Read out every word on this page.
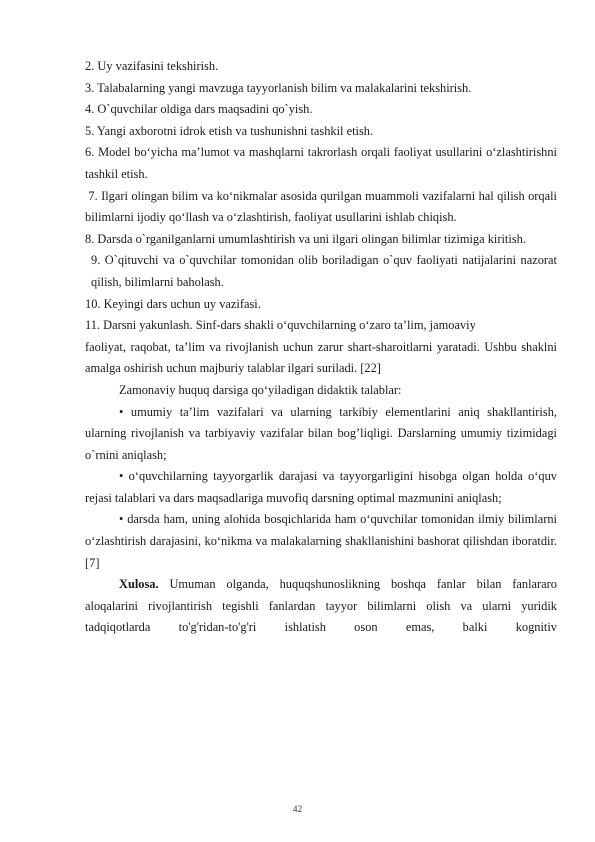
2. Uy vazifasini tekshirish.

3. Talabalarning yangi mavzuga tayyorlanish bilim va malakalarini tekshirish.

4. O`quvchilar oldiga dars maqsadini qo`yish.

5. Yangi axborotni idrok etish va tushunishni tashkil etish.

6. Model bo‘yicha ma’lumot va mashqlarni takrorlash orqali faoliyat usullarini o‘zlashtirishni tashkil etish.

7. Ilgari olingan bilim va ko‘nikmalar asosida qurilgan muammoli vazifalarni hal qilish orqali bilimlarni ijodiy qo‘llash va o‘zlashtirish, faoliyat usullarini ishlab chiqish.

8. Darsda o`rganilganlarni umumlashtirish va uni ilgari olingan bilimlar tizimiga kiritish.

9. O`qituvchi va o`quvchilar tomonidan olib boriladigan o`quv faoliyati natijalarini nazorat qilish, bilimlarni baholash.

10. Keyingi dars uchun uy vazifasi.

11. Darsni yakunlash. Sinf-dars shakli o‘quvchilarning o‘zaro ta’lim, jamoaviy

faoliyat, raqobat, ta’lim va rivojlanish uchun zarur shart-sharoitlarni yaratadi. Ushbu shaklni amalga oshirish uchun majburiy talablar ilgari suriladi. [22]

Zamonaviy huquq darsiga qo‘yiladigan didaktik talablar:

• umumiy ta’lim vazifalari va ularning tarkibiy elementlarini aniq shakllantirish, ularning rivojlanish va tarbiyaviy vazifalar bilan bog’liqligi. Darslarning umumiy tizimidagi o`rnini aniqlash;

• o‘quvchilarning tayyorgarlik darajasi va tayyorgarligini hisobga olgan holda o‘quv rejasi talablari va dars maqsadlariga muvofiq darsning optimal mazmunini aniqlash;

• darsda ham, uning alohida bosqichlarida ham o‘quvchilar tomonidan ilmiy bilimlarni o‘zlashtirish darajasini, ko‘nikma va malakalarning shakllanishini bashorat qilishdan iboratdir.[7]

Xulosa. Umuman olganda, huquqshunoslikning boshqa fanlar bilan fanlararo aloqalarini rivojlantirish tegishli fanlardan tayyor bilimlarni olish va ularni yuridik tadqiqotlarda to'g'ridan-to'g'ri ishlatish oson emas, balki kognitiv

42
